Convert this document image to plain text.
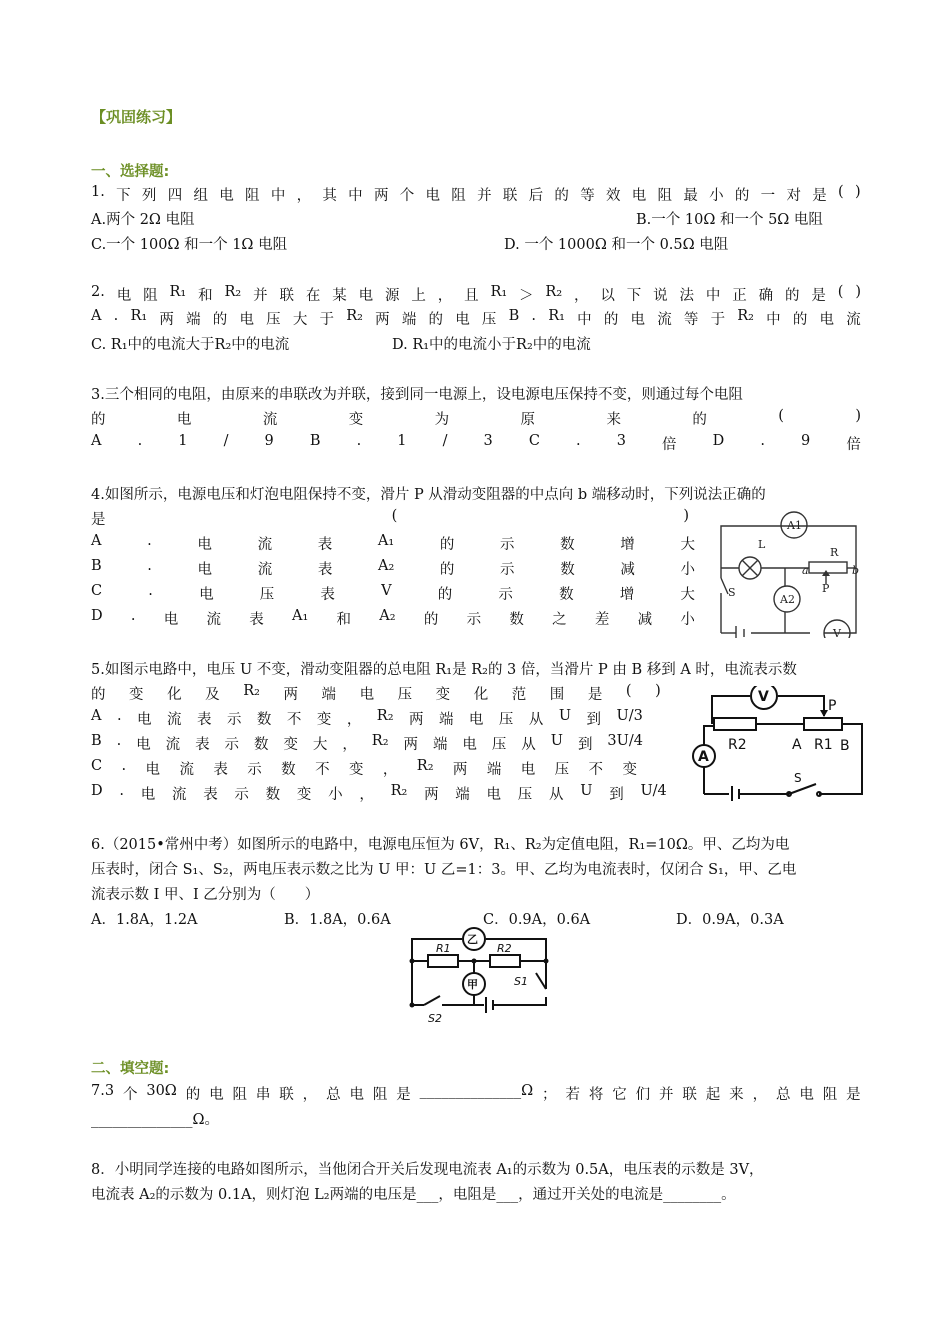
【巩固练习】
一、选择题:
1. 下 列 四 组 电 阻 中 ， 其 中 两 个 电 阻 并 联 后 的 等 效 电 阻 最 小 的 一 对 是 ( )
A.两个 2Ω 电阻	B.一个 10Ω 和一个 5Ω 电阻
C.一个 100Ω 和一个 1Ω 电阻	D. 一个 1000Ω 和一个 0.5Ω 电阻
2. 电 阻 R₁ 和 R₂ 并 联 在 某 电 源 上 ， 且 R₁ ＞ R₂ ， 以 下 说 法 中 正 确 的 是 ( )
A . R₁ 两 端 的 电 压 大 于 R₂ 两 端 的 电 压 B . R₁ 中 的 电 流 等 于 R₂ 中 的 电 流
C. R₁中的电流大于R₂中的电流	D. R₁中的电流小于R₂中的电流
3.三个相同的电阻，由原来的串联改为并联，接到同一电源上，设电源电压保持不变，则通过每个电阻
的	电	流	变	为	原	来	的	(	)
A . 1 / 9 B . 1 / 3 C . 3 倍 D . 9 倍
4.如图所示，电源电压和灯泡电阻保持不变，滑片 P 从滑动变阻器的中点向 b 端移动时，下列说法正确的
是	(	)
A	.	电	流	表	A₁	的	示	数	增	大
B	.	电	流	表	A₂	的	示	数	减	小
C	.	电	压	表	V	的	示	数	增	大
D . 电 流 表 A₁ 和 A₂ 的 示 数 之 差 减 小
A1
L
R
a	b
P
A2
S
V
5.如图示电路中，电压 U 不变，滑动变阻器的总电阻 R₁是 R₂的 3 倍，当滑片 P 由 B 移到 A 时，电流表示数
的 变 化 及 R₂ 两 端 电 压 变 化 范 围 是 ( )
A . 电 流 表 示 数 不 变 ， R₂ 两 端 电 压 从 U 到 U/3
B . 电 流 表 示 数 变 大 ， R₂ 两 端 电 压 从 U 到 3U/4
C . 电 流 表 示 数 不 变 ， R₂ 两 端 电 压 不 变
D . 电 流 表 示 数 变 小 ， R₂ 两 端 电 压 从 U 到 U/4
V
P
R2	A R1 B
A
S
6.（2015•常州中考）如图所示的电路中，电源电压恒为 6V，R₁、R₂为定值电阻，R₁=10Ω。甲、乙均为电
压表时，闭合 S₁、S₂，两电压表示数之比为 U 甲：U 乙=1：3。甲、乙均为电流表时，仅闭合 S₁，甲、乙电
流表示数 I 甲、I 乙分别为（　　）
A．1.8A，1.2A	B．1.8A，0.6A	C．0.9A，0.6A	D．0.9A，0.3A
乙
R1	R2
甲	S1
S2
二、填空题:
7.3 个 30Ω 的 电 阻 串 联 ， 总 电 阻 是 ______________Ω ； 若 将 它 们 并 联 起 来 ， 总 电 阻 是
______________Ω。
8．小明同学连接的电路如图所示，当他闭合开关后发现电流表 A₁的示数为 0.5A，电压表的示数是 3V，
电流表 A₂的示数为 0.1A，则灯泡 L₂两端的电压是___，电阻是___，通过开关处的电流是________。
